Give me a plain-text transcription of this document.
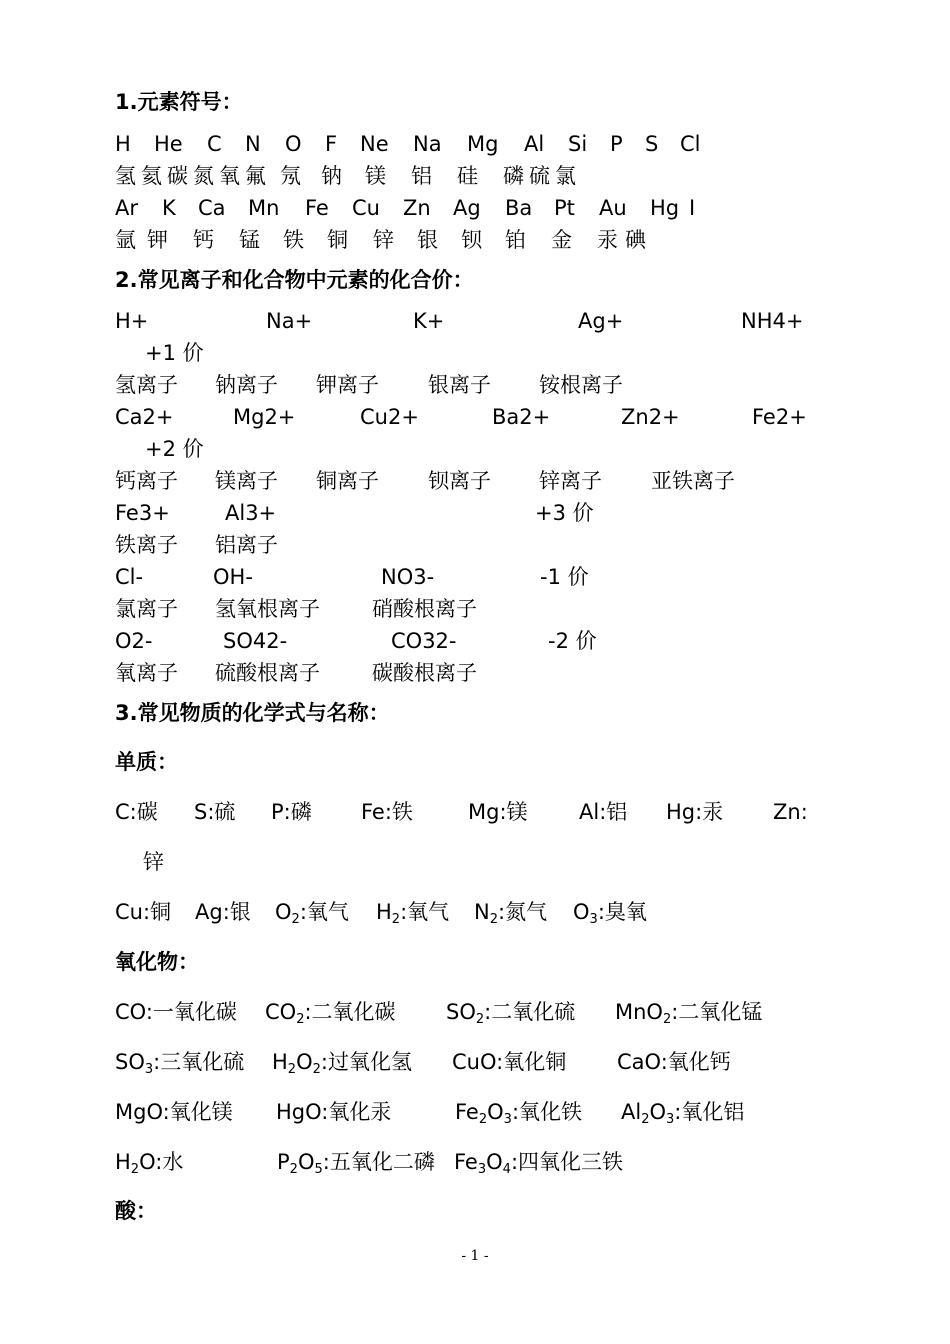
1.元素符号：
H He C N O F Ne Na Mg Al Si P S Cl
氢 氦 碳 氮 氧 氟 氖 钠 镁 铝 硅 磷 硫 氯
Ar K Ca Mn Fe Cu Zn Ag Ba Pt Au Hg I
氩 钾 钙 锰 铁 铜 锌 银 钡 铂 金 汞 碘
2.常见离子和化合物中元素的化合价：
H+	Na+	K+	Ag+	NH4+
+1 价
氢离子 钠离子 钾离子 银离子 铵根离子
Ca2+	Mg2+	Cu2+	Ba2+	Zn2+	Fe2+
+2 价
钙离子 镁离子 铜离子 钡离子 锌离子 亚铁离子
Fe3+	Al3+	+3 价
铁离子 铝离子
Cl-	OH-	NO3-	-1 价
氯离子 氢氧根离子 硝酸根离子
O2-	SO42-	CO32-	-2 价
氧离子 硫酸根离子 碳酸根离子
3.常见物质的化学式与名称：
单质：
C:碳 S:硫 P:磷 Fe:铁	Mg:镁 Al:铝 Hg:汞 Zn:
锌
Cu:铜 Ag:银 $O_2$:氧气 $H_2$:氧气 $N_2$:氮气 $O_3$:臭氧
氧化物：
CO:一氧化碳 $CO_2$:二氧化碳 $SO_2$:二氧化硫 MnO$_2$:二氧化锰
$SO_3$:三氧化硫 $H_2O_2$:过氧化氢 CuO:氧化铜 CaO:氧化钙
MgO:氧化镁 HgO:氧化汞	$Fe_2O_3$:氧化铁 $Al_2O_3$:氧化铝
$H_2O$:水	$P_2O_5$:五氧化二磷 $Fe_3O_4$:四氧化三铁
酸：
- 1 -
